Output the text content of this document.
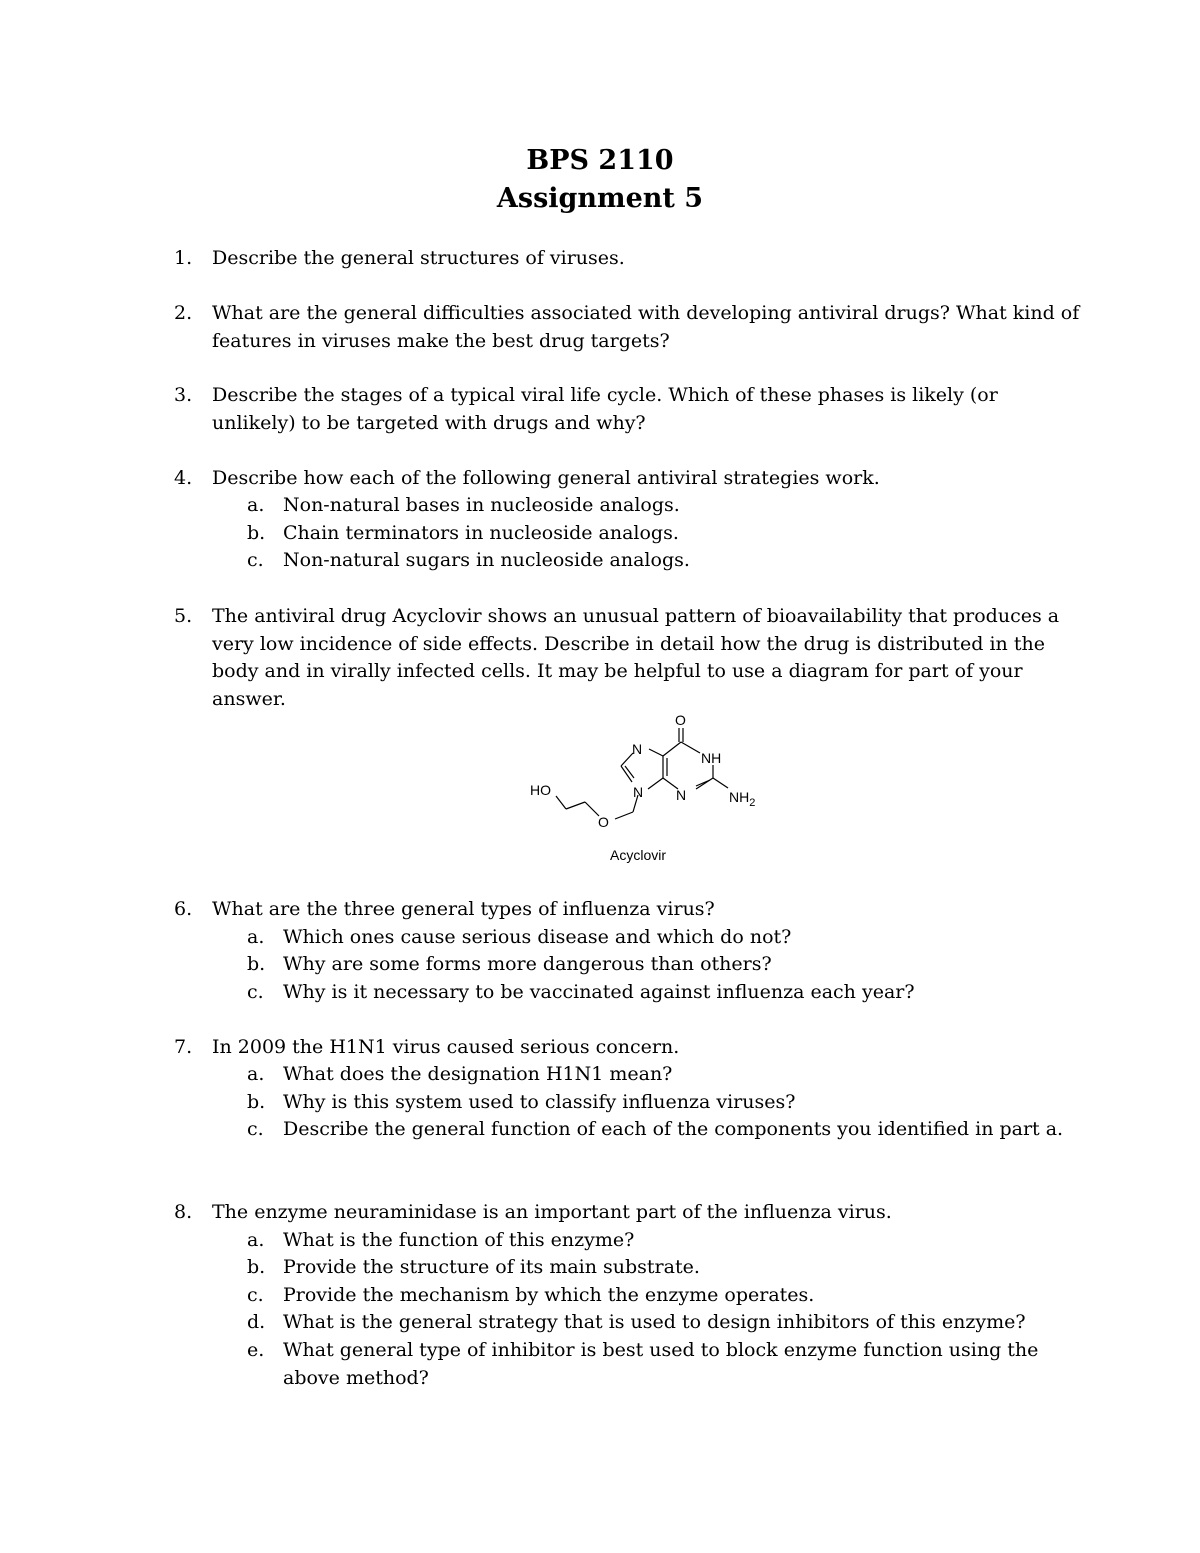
BPS 2110
Assignment 5
1. Describe the general structures of viruses.
2. What are the general difficulties associated with developing antiviral drugs? What kind of features in viruses make the best drug targets?
3. Describe the stages of a typical viral life cycle. Which of these phases is likely (or unlikely) to be targeted with drugs and why?
4. Describe how each of the following general antiviral strategies work.
a. Non-natural bases in nucleoside analogs.
b. Chain terminators in nucleoside analogs.
c. Non-natural sugars in nucleoside analogs.
5. The antiviral drug Acyclovir shows an unusual pattern of bioavailability that produces a very low incidence of side effects. Describe in detail how the drug is distributed in the body and in virally infected cells. It may be helpful to use a diagram for part of your answer.
O
N
NH
N N	$NH_2$
HO
O
Acyclovir
6. What are the three general types of influenza virus?
a. Which ones cause serious disease and which do not?
b. Why are some forms more dangerous than others?
c. Why is it necessary to be vaccinated against influenza each year?
7. In 2009 the H1N1 virus caused serious concern.
a. What does the designation H1N1 mean?
b. Why is this system used to classify influenza viruses?
c. Describe the general function of each of the components you identified in part a.
8. The enzyme neuraminidase is an important part of the influenza virus.
a. What is the function of this enzyme?
b. Provide the structure of its main substrate.
c. Provide the mechanism by which the enzyme operates.
d. What is the general strategy that is used to design inhibitors of this enzyme?
e. What general type of inhibitor is best used to block enzyme function using the above method?
